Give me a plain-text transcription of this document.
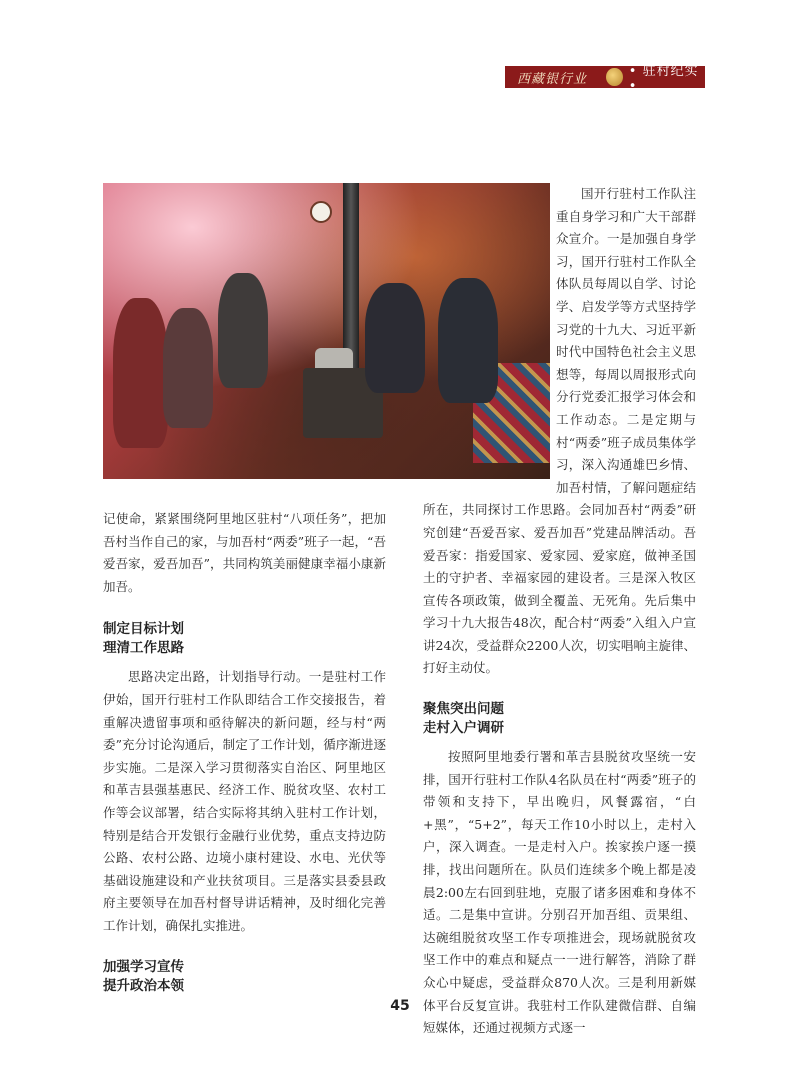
西藏银行业	• 驻村纪实 •

国开行驻村工作队注重自身学习和广大干部群众宣介。一是加强自身学习，国开行驻村工作队全体队员每周以自学、讨论学、启发学等方式坚持学习党的十九大、习近平新时代中国特色社会主义思想等，每周以周报形式向分行党委汇报学习体会和工作动态。二是定期与村“两委”班子成员集体学习，深入沟通雄巴乡情、加吾村情，了解问题症结所在，共同探讨工作思路。会同加吾村“两委”研究创建“吾爱吾家、爱吾加吾”党建品牌活动。吾爱吾家：指爱国家、爱家园、爱家庭，做神圣国土的守护者、幸福家园的建设者。三是深入牧区宣传各项政策，做到全覆盖、无死角。先后集中学习十九大报告48次，配合村“两委”入组入户宣讲24次，受益群众2200人次，切实唱响主旋律、打好主动仗。

聚焦突出问题

走村入户调研

按照阿里地委行署和革吉县脱贫攻坚统一安排，国开行驻村工作队4名队员在村“两委”班子的带领和支持下，早出晚归，风餐露宿，“白+黑”，“5+2”，每天工作10小时以上，走村入户，深入调查。一是走村入户。挨家挨户逐一摸排，找出问题所在。队员们连续多个晚上都是凌晨2:00左右回到驻地，克服了诸多困难和身体不适。二是集中宣讲。分别召开加吾组、贡果组、达碗组脱贫攻坚工作专项推进会，现场就脱贫攻坚工作中的难点和疑点一一进行解答，消除了群众心中疑虑，受益群众870人次。三是利用新媒体平台反复宣讲。我驻村工作队建微信群、自编短媒体，还通过视频方式逐一

记使命，紧紧围绕阿里地区驻村“八项任务”，把加吾村当作自己的家，与加吾村“两委”班子一起，“吾爱吾家，爱吾加吾”，共同构筑美丽健康幸福小康新加吾。

制定目标计划

理清工作思路

思路决定出路，计划指导行动。一是驻村工作伊始，国开行驻村工作队即结合工作交接报告，着重解决遗留事项和亟待解决的新问题，经与村“两委”充分讨论沟通后，制定了工作计划，循序渐进逐步实施。二是深入学习贯彻落实自治区、阿里地区和革吉县强基惠民、经济工作、脱贫攻坚、农村工作等会议部署，结合实际将其纳入驻村工作计划，特别是结合开发银行金融行业优势，重点支持边防公路、农村公路、边境小康村建设、水电、光伏等基础设施建设和产业扶贫项目。三是落实县委县政府主要领导在加吾村督导讲话精神，及时细化完善工作计划，确保扎实推进。

加强学习宣传

提升政治本领

45
